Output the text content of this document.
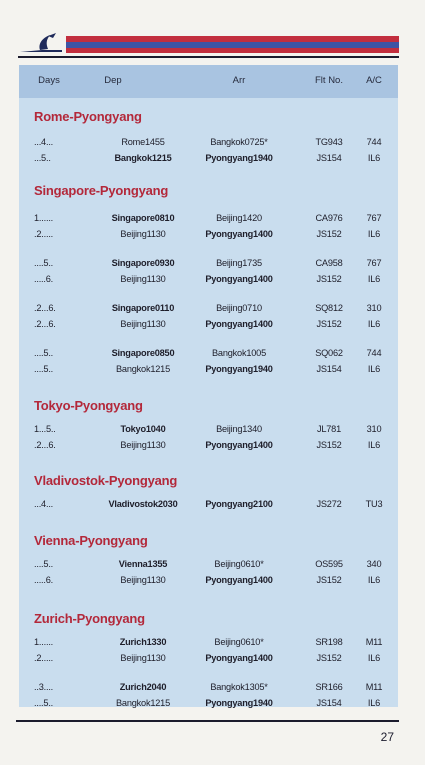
Days	Dep	Arr	Flt No. A/C
Rome-Pyongyang
...4...	Rome1455	Bangkok0725*	TG943	744
...5..	Bangkok1215	Pyongyang1940	JS154	IL6
Singapore-Pyongyang
1......	Singapore0810	Beijing1420	CA976	767
.2.....	Beijing1130	Pyongyang1400	JS152	IL6
....5..	Singapore0930	Beijing1735	CA958	767
.....6.	Beijing1130	Pyongyang1400	JS152	IL6
.2...6.	Singapore0110	Beijing0710	SQ812	310
.2...6.	Beijing1130	Pyongyang1400	JS152	IL6
....5..	Singapore0850	Bangkok1005	SQ062	744
....5..	Bangkok1215	Pyongyang1940	JS154	IL6
Tokyo-Pyongyang
1...5..	Tokyo1040	Beijing1340	JL781	310
.2...6.	Beijing1130	Pyongyang1400	JS152	IL6
Vladivostok-Pyongyang
...4...	Vladivostok2030	Pyongyang2100	JS272	TU3
Vienna-Pyongyang
....5..	Vienna1355	Beijing0610*	OS595	340
.....6.	Beijing1130	Pyongyang1400	JS152	IL6
Zurich-Pyongyang
1......	Zurich1330	Beijing0610*	SR198	M11
.2.....	Beijing1130	Pyongyang1400	JS152	IL6
..3....	Zurich2040	Bangkok1305*	SR166	M11
....5..	Bangkok1215	Pyongyang1940	JS154	IL6
27
